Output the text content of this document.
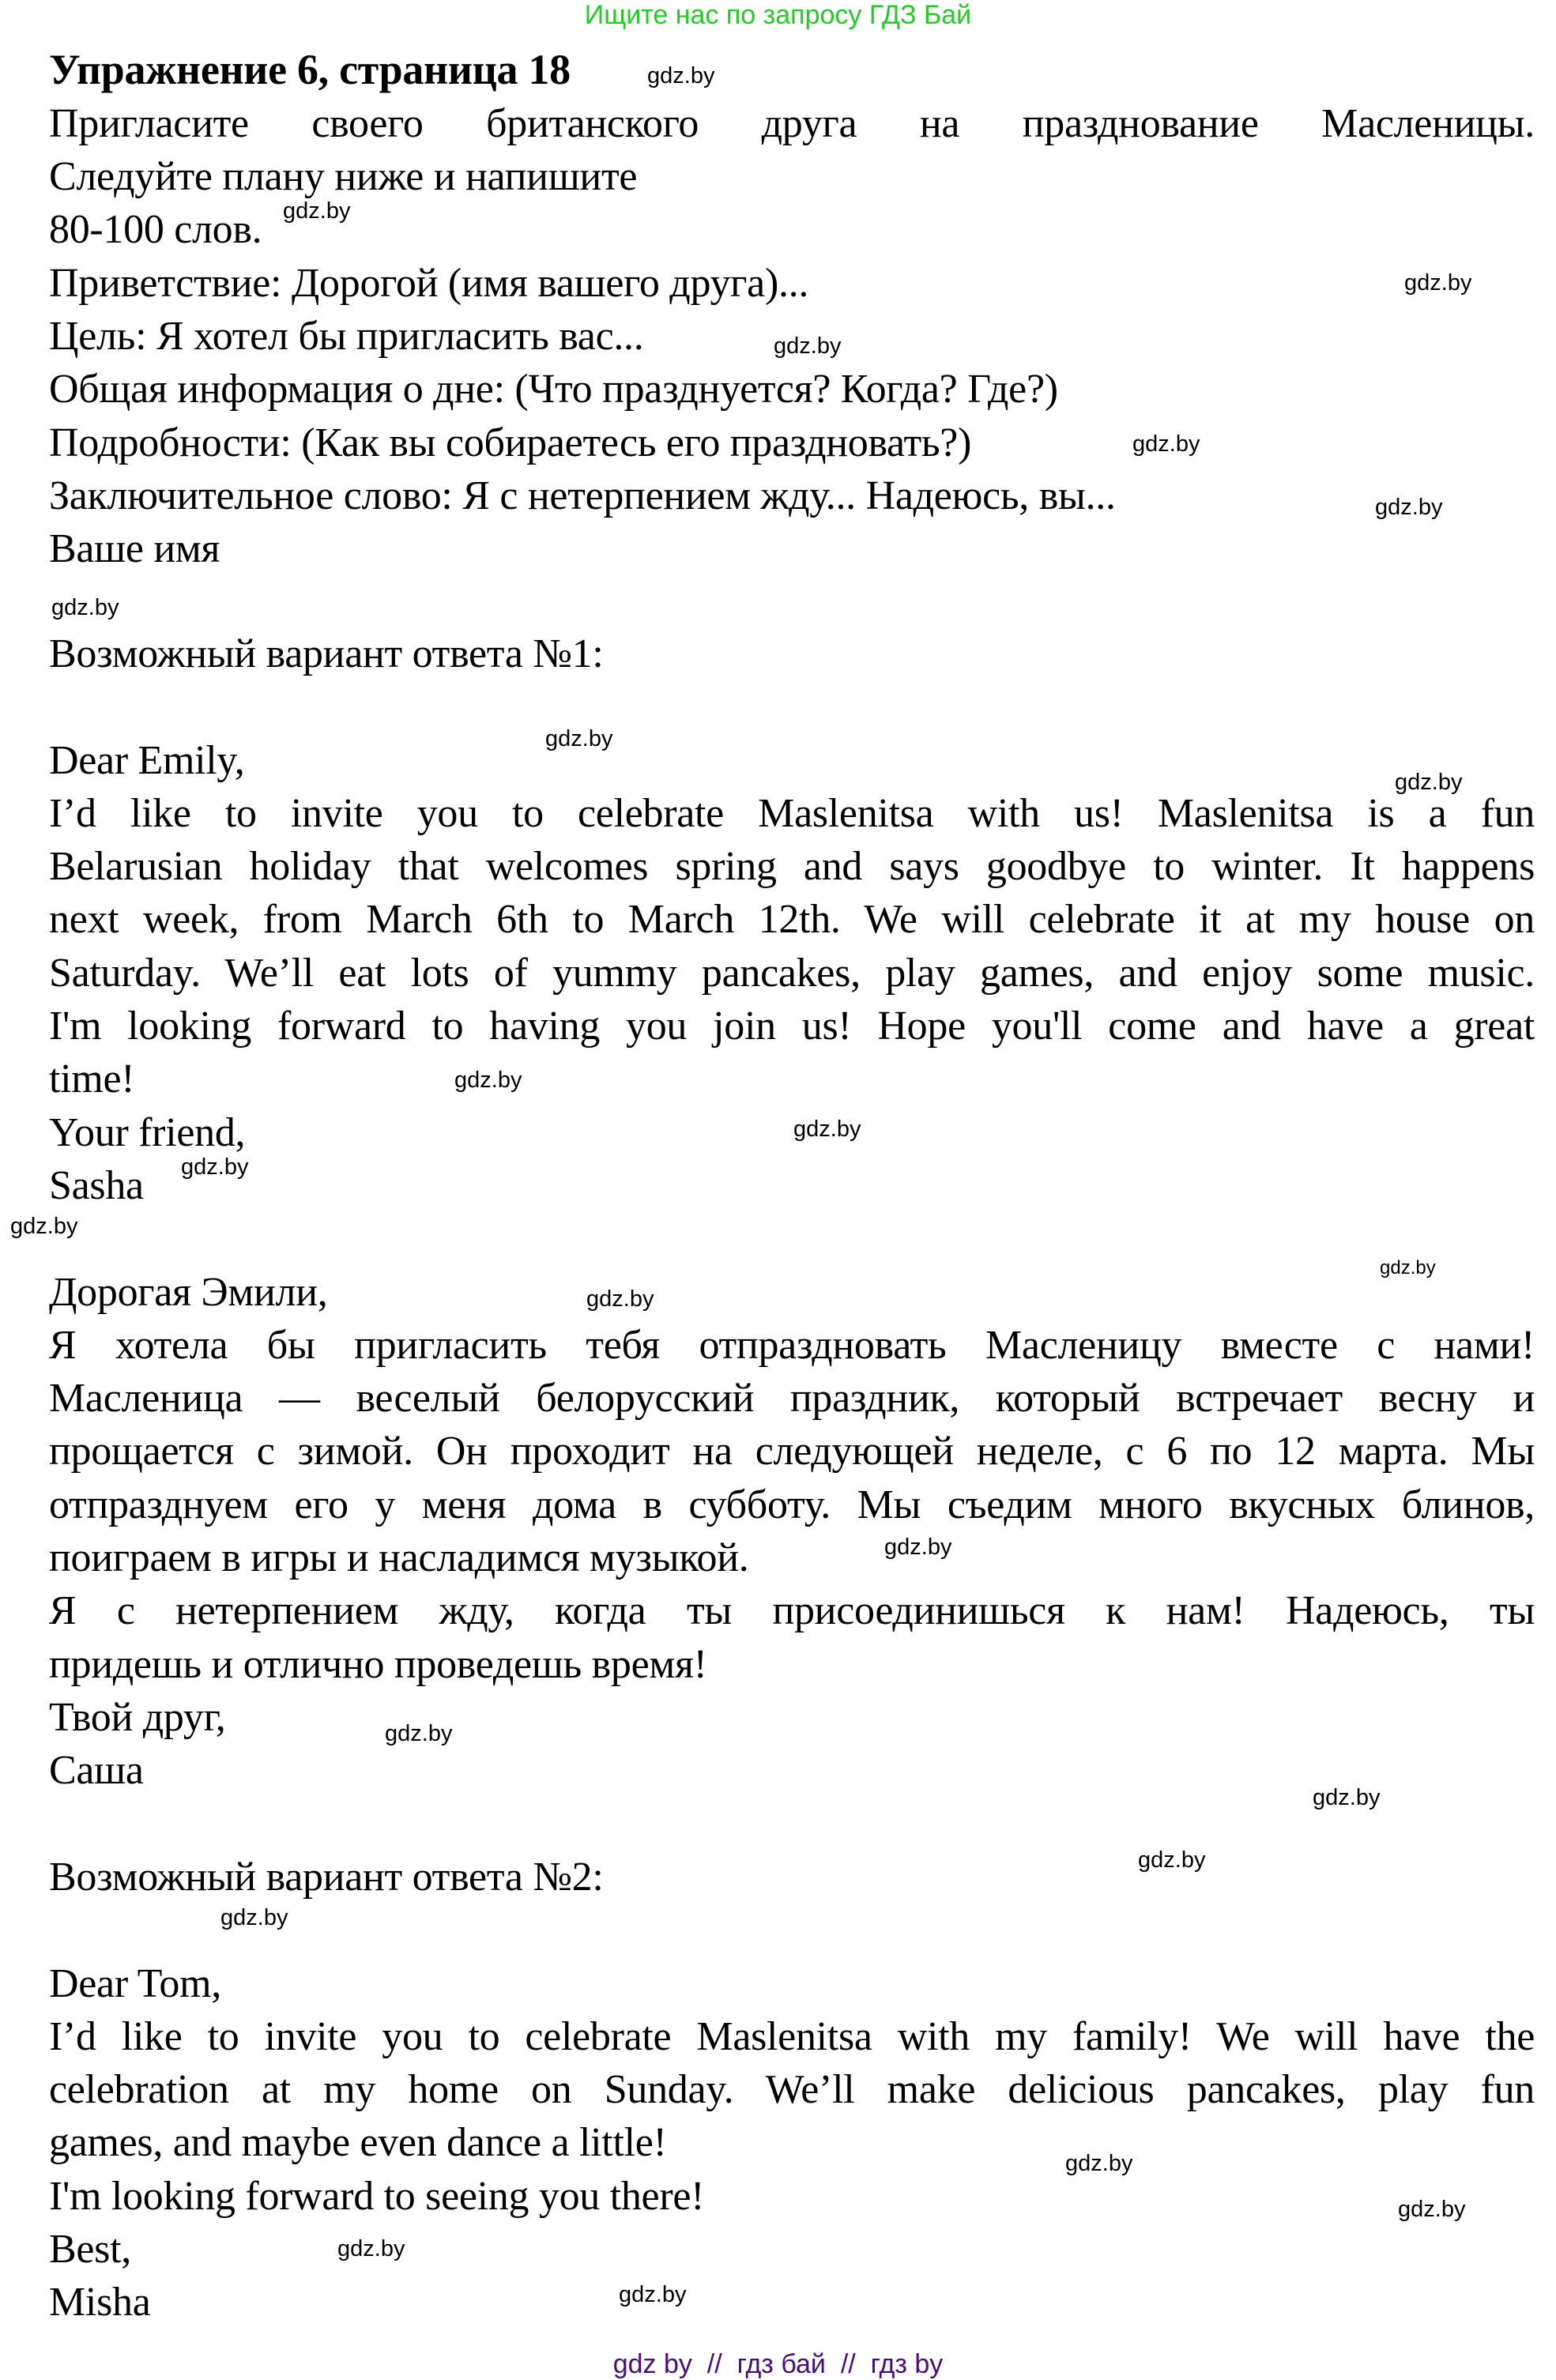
Ищите нас по запросу ГДЗ Бай
Упражнение 6, страница 18
Пригласите своего британского друга на празднование Масленицы.
Следуйте плану ниже и напишите
80-100 слов.
Приветствие: Дорогой (имя вашего друга)...
Цель: Я хотел бы пригласить вас...
Общая информация о дне: (Что празднуется? Когда? Где?)
Подробности: (Как вы собираетесь его праздновать?)
Заключительное слово: Я с нетерпением жду... Надеюсь, вы...
Ваше имя
Возможный вариант ответа №1:
Dear Emily,
I’d like to invite you to celebrate Maslenitsa with us! Maslenitsa is a fun
Belarusian holiday that welcomes spring and says goodbye to winter. It happens
next week, from March 6th to March 12th. We will celebrate it at my house on
Saturday. We’ll eat lots of yummy pancakes, play games, and enjoy some music.
I'm looking forward to having you join us! Hope you'll come and have a great
time!
Your friend,
Sasha
Дорогая Эмили,
Я хотела бы пригласить тебя отпраздновать Масленицу вместе с нами!
Масленица — веселый белорусский праздник, который встречает весну и
прощается с зимой. Он проходит на следующей неделе, с 6 по 12 марта. Мы
отпразднуем его у меня дома в субботу. Мы съедим много вкусных блинов,
поиграем в игры и насладимся музыкой.
Я с нетерпением жду, когда ты присоединишься к нам! Надеюсь, ты
придешь и отлично проведешь время!
Твой друг,
Саша
Возможный вариант ответа №2:
Dear Tom,
I’d like to invite you to celebrate Maslenitsa with my family! We will have the
celebration at my home on Sunday. We’ll make delicious pancakes, play fun
games, and maybe even dance a little!
I'm looking forward to seeing you there!
Best,
Misha
gdz.by
gdz.by
gdz.by
gdz.by
gdz.by
gdz.by
gdz.by
gdz.by
gdz.by
gdz.by
gdz.by
gdz.by
gdz.by
gdz.by
gdz.by
gdz.by
gdz.by
gdz.by
gdz.by
gdz.by
gdz.by
gdz.by
gdz.by
gdz.by
gdz by  //  гдз бай  //  гдз by
